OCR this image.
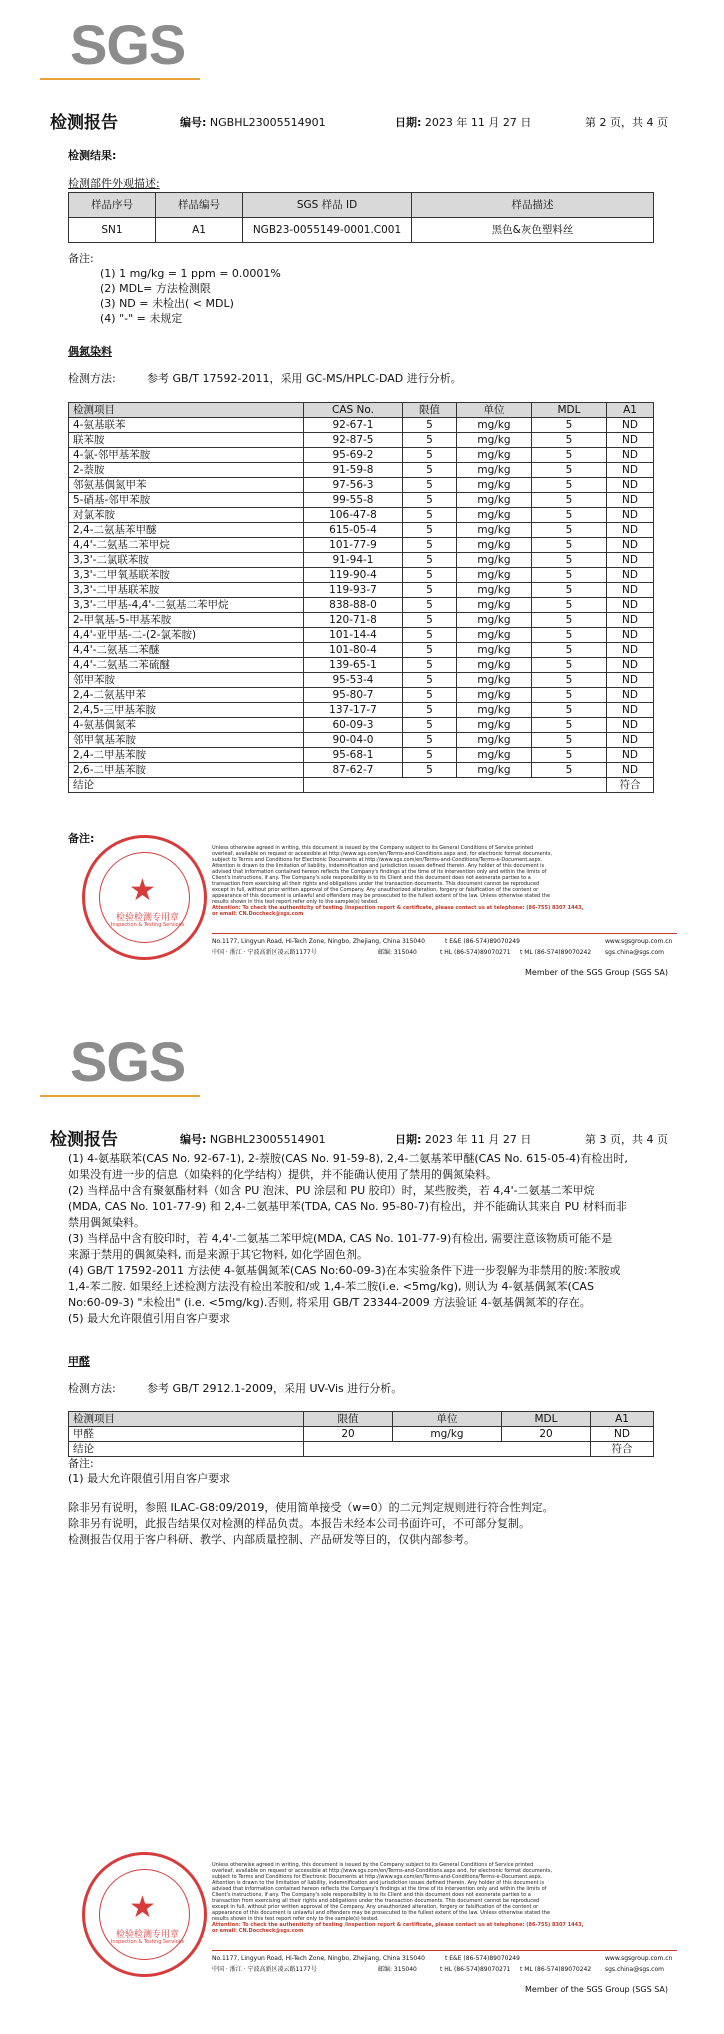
SGS
检测报告	编号: NGBHL23005514901	日期: 2023 年 11 月 27 日	第 2 页，共 4 页
检测结果:
检测部件外观描述:
样品序号	样品编号	SGS 样品 ID	样品描述
SN1	A1	NGB23-0055149-0001.C001	黑色&灰色塑料丝
备注:
(1) 1 mg/kg = 1 ppm = 0.0001%
(2) MDL= 方法检测限
(3) ND = 未检出( < MDL)
(4) "-" = 未规定
偶氮染料
检测方法:	参考 GB/T 17592-2011，采用 GC-MS/HPLC-DAD 进行分析。
检测项目	CAS No.	限值	单位	MDL	A1
4-氨基联苯	92-67-1	5	mg/kg	5	ND
联苯胺	92-87-5	5	mg/kg	5	ND
4-氯-邻甲基苯胺	95-69-2	5	mg/kg	5	ND
2-萘胺	91-59-8	5	mg/kg	5	ND
邻氨基偶氮甲苯	97-56-3	5	mg/kg	5	ND
5-硝基-邻甲苯胺	99-55-8	5	mg/kg	5	ND
对氯苯胺	106-47-8	5	mg/kg	5	ND
2,4-二氨基苯甲醚	615-05-4	5	mg/kg	5	ND
4,4'-二氨基二苯甲烷	101-77-9	5	mg/kg	5	ND
3,3'-二氯联苯胺	91-94-1	5	mg/kg	5	ND
3,3'-二甲氧基联苯胺	119-90-4	5	mg/kg	5	ND
3,3'-二甲基联苯胺	119-93-7	5	mg/kg	5	ND
3,3'-二甲基-4,4'-二氨基二苯甲烷	838-88-0	5	mg/kg	5	ND
2-甲氧基-5-甲基苯胺	120-71-8	5	mg/kg	5	ND
4,4'-亚甲基-二-(2-氯苯胺)	101-14-4	5	mg/kg	5	ND
4,4'-二氨基二苯醚	101-80-4	5	mg/kg	5	ND
4,4'-二氨基二苯硫醚	139-65-1	5	mg/kg	5	ND
邻甲苯胺	95-53-4	5	mg/kg	5	ND
2,4-二氨基甲苯	95-80-7	5	mg/kg	5	ND
2,4,5-三甲基苯胺	137-17-7	5	mg/kg	5	ND
4-氨基偶氮苯	60-09-3	5	mg/kg	5	ND
邻甲氧基苯胺	90-04-0	5	mg/kg	5	ND
2,4-二甲基苯胺	95-68-1	5	mg/kg	5	ND
2,6-二甲基苯胺	87-62-7	5	mg/kg	5	ND
结论					符合
备注:
★
检验检测专用章
Inspection & Testing Services
Unless otherwise agreed in writing, this document is issued by the Company subject to its General Conditions of Service printed
overleaf, available on request or accessible at http://www.sgs.com/en/Terms-and-Conditions.aspx and, for electronic format documents,
subject to Terms and Conditions for Electronic Documents at http://www.sgs.com/en/Terms-and-Conditions/Terms-e-Document.aspx.
Attention is drawn to the limitation of liability, indemnification and jurisdiction issues defined therein. Any holder of this document is
advised that information contained hereon reflects the Company's findings at the time of its intervention only and within the limits of
Client's instructions, if any. The Company's sole responsibility is to its Client and this document does not exonerate parties to a
transaction from exercising all their rights and obligations under the transaction documents. This document cannot be reproduced
except in full, without prior written approval of the Company. Any unauthorized alteration, forgery or falsification of the content or
appearance of this document is unlawful and offenders may be prosecuted to the fullest extent of the law. Unless otherwise stated the
results shown in this test report refer only to the sample(s) tested.
Attention: To check the authenticity of testing /inspection report & certificate, please contact us at telephone: (86-755) 8307 1443,
or email: CN.Doccheck@sgs.com
No.1177, Lingyun Road, Hi-Tech Zone, Ningbo, Zhejiang, China 315040	t E&E (86-574)89070249	www.sgsgroup.com.cn
中国 · 浙江 · 宁波高新区凌云路1177号	邮编: 315040	t HL (86-574)89070271 t ML (86-574)89070242 sgs.china@sgs.com
Member of the SGS Group (SGS SA)
SGS
检测报告	编号: NGBHL23005514901	日期: 2023 年 11 月 27 日	第 3 页，共 4 页
(1) 4-氨基联苯(CAS No. 92-67-1), 2-萘胺(CAS No. 91-59-8), 2,4-二氨基苯甲醚(CAS No. 615-05-4)有检出时,
如果没有进一步的信息（如染料的化学结构）提供，并不能确认使用了禁用的偶氮染料。
(2) 当样品中含有聚氨酯材料（如含 PU 泡沫、PU 涂层和 PU 胶印）时，某些胺类，若 4,4'-二氨基二苯甲烷
(MDA, CAS No. 101-77-9) 和 2,4-二氨基甲苯(TDA, CAS No. 95-80-7)有检出，并不能确认其来自 PU 材料而非
禁用偶氮染料。
(3) 当样品中含有胶印时，若 4,4'-二氨基二苯甲烷(MDA, CAS No. 101-77-9)有检出, 需要注意该物质可能不是
来源于禁用的偶氮染料, 而是来源于其它物料, 如化学固色剂。
(4) GB/T 17592-2011 方法使 4-氨基偶氮苯(CAS No:60-09-3)在本实验条件下进一步裂解为非禁用的胺:苯胺或
1,4-苯二胺. 如果经上述检测方法没有检出苯胺和/或 1,4-苯二胺(i.e. <5mg/kg), 则认为 4-氨基偶氮苯(CAS
No:60-09-3) "未检出" (i.e. <5mg/kg).否则, 将采用 GB/T 23344-2009 方法验证 4-氨基偶氮苯的存在。
(5) 最大允许限值引用自客户要求
甲醛
检测方法:	参考 GB/T 2912.1-2009，采用 UV-Vis 进行分析。
检测项目	限值	单位	MDL	A1
甲醛	20	mg/kg	20	ND
结论				符合
备注:
(1) 最大允许限值引用自客户要求
除非另有说明，参照 ILAC-G8:09/2019，使用简单接受（w=0）的二元判定规则进行符合性判定。
除非另有说明，此报告结果仅对检测的样品负责。本报告未经本公司书面许可，不可部分复制。
检测报告仅用于客户科研、教学、内部质量控制、产品研发等目的，仅供内部参考。
★
检验检测专用章
Inspection & Testing Services
Unless otherwise agreed in writing, this document is issued by the Company subject to its General Conditions of Service printed
overleaf, available on request or accessible at http://www.sgs.com/en/Terms-and-Conditions.aspx and, for electronic format documents,
subject to Terms and Conditions for Electronic Documents at http://www.sgs.com/en/Terms-and-Conditions/Terms-e-Document.aspx.
Attention is drawn to the limitation of liability, indemnification and jurisdiction issues defined therein. Any holder of this document is
advised that information contained hereon reflects the Company's findings at the time of its intervention only and within the limits of
Client's instructions, if any. The Company's sole responsibility is to its Client and this document does not exonerate parties to a
transaction from exercising all their rights and obligations under the transaction documents. This document cannot be reproduced
except in full, without prior written approval of the Company. Any unauthorized alteration, forgery or falsification of the content or
appearance of this document is unlawful and offenders may be prosecuted to the fullest extent of the law. Unless otherwise stated the
results shown in this test report refer only to the sample(s) tested.
Attention: To check the authenticity of testing /inspection report & certificate, please contact us at telephone: (86-755) 8307 1443,
or email: CN.Doccheck@sgs.com
No.1177, Lingyun Road, Hi-Tech Zone, Ningbo, Zhejiang, China 315040	t E&E (86-574)89070249	www.sgsgroup.com.cn
中国 · 浙江 · 宁波高新区凌云路1177号	邮编: 315040	t HL (86-574)89070271 t ML (86-574)89070242 sgs.china@sgs.com
Member of the SGS Group (SGS SA)
